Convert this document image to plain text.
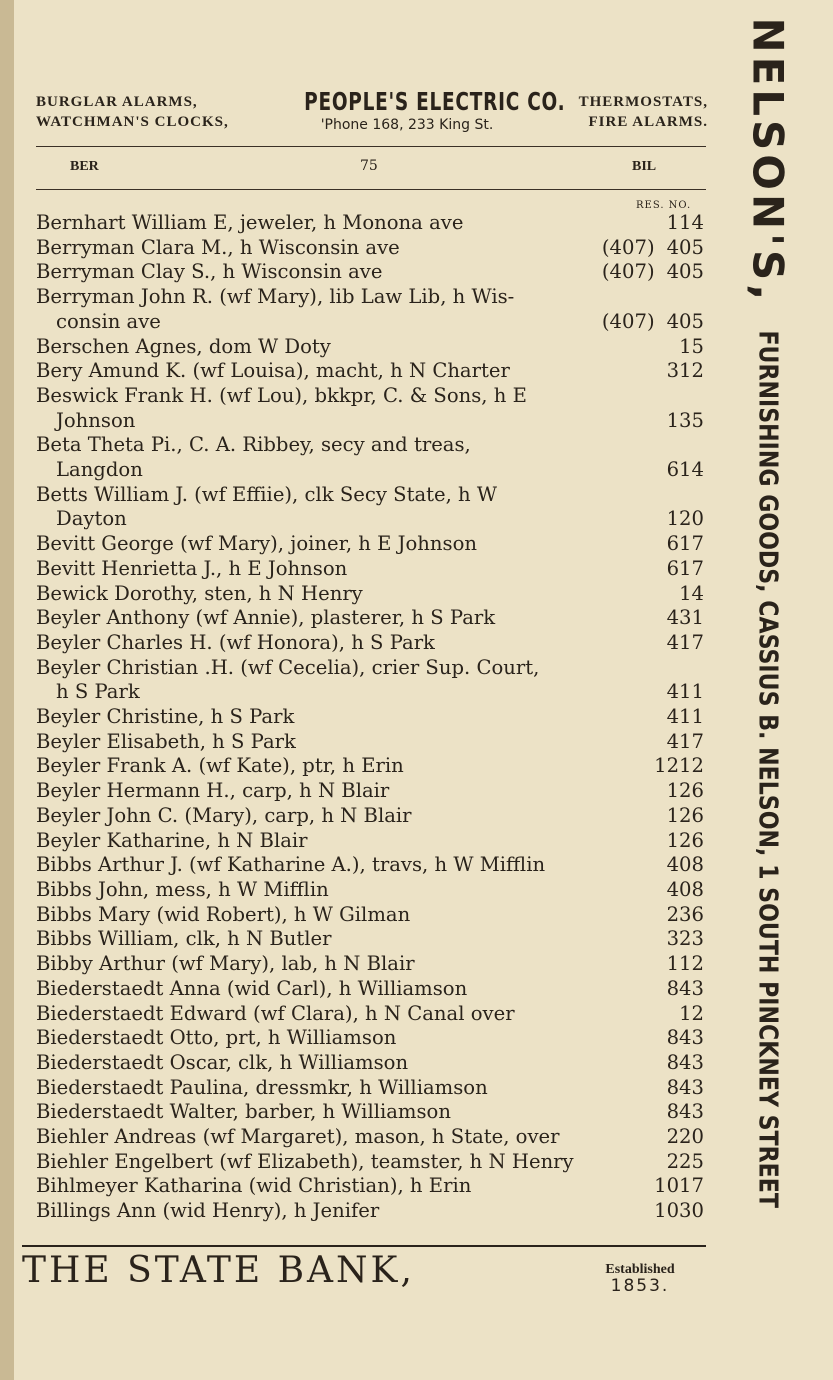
BURGLAR ALARMS,
WATCHMAN'S CLOCKS,
PEOPLE'S ELECTRIC CO.
'Phone 168, 233 King St.
THERMOSTATS,
FIRE ALARMS.
BER	75	BIL
RES. NO.
Bernhart William E, jeweler, h Monona ave	114
Berryman Clara M., h Wisconsin ave	(407) 405
Berryman Clay S., h Wisconsin ave	(407) 405
Berryman John R. (wf Mary), lib Law Lib, h Wis-
consin ave	(407) 405
Berschen Agnes, dom W Doty	15
Bery Amund K. (wf Louisa), macht, h N Charter	312
Beswick Frank H. (wf Lou), bkkpr, C. & Sons, h E
Johnson	135
Beta Theta Pi., C. A. Ribbey, secy and treas,
Langdon	614
Betts William J. (wf Effiie), clk Secy State, h W
Dayton	120
Bevitt George (wf Mary), joiner, h E Johnson	617
Bevitt Henrietta J., h E Johnson	617
Bewick Dorothy, sten, h N Henry	14
Beyler Anthony (wf Annie), plasterer, h S Park	431
Beyler Charles H. (wf Honora), h S Park	417
Beyler Christian .H. (wf Cecelia), crier Sup. Court,
h S Park	411
Beyler Christine, h S Park	411
Beyler Elisabeth, h S Park	417
Beyler Frank A. (wf Kate), ptr, h Erin	1212
Beyler Hermann H., carp, h N Blair	126
Beyler John C. (Mary), carp, h N Blair	126
Beyler Katharine, h N Blair	126
Bibbs Arthur J. (wf Katharine A.), travs, h W Mifflin	408
Bibbs John, mess, h W Mifflin	408
Bibbs Mary (wid Robert), h W Gilman	236
Bibbs William, clk, h N Butler	323
Bibby Arthur (wf Mary), lab, h N Blair	112
Biederstaedt Anna (wid Carl), h Williamson	843
Biederstaedt Edward (wf Clara), h N Canal over	12
Biederstaedt Otto, prt, h Williamson	843
Biederstaedt Oscar, clk, h Williamson	843
Biederstaedt Paulina, dressmkr, h Williamson	843
Biederstaedt Walter, barber, h Williamson	843
Biehler Andreas (wf Margaret), mason, h State, over	220
Biehler Engelbert (wf Elizabeth), teamster, h N Henry	225
Bihlmeyer Katharina (wid Christian), h Erin	1017
Billings Ann (wid Henry), h Jenifer	1030
THE STATE BANK,	Established
1853.
NELSON'S,
FURNISHING GOODS, CASSIUS B. NELSON, 1 SOUTH PINCKNEY STREET
